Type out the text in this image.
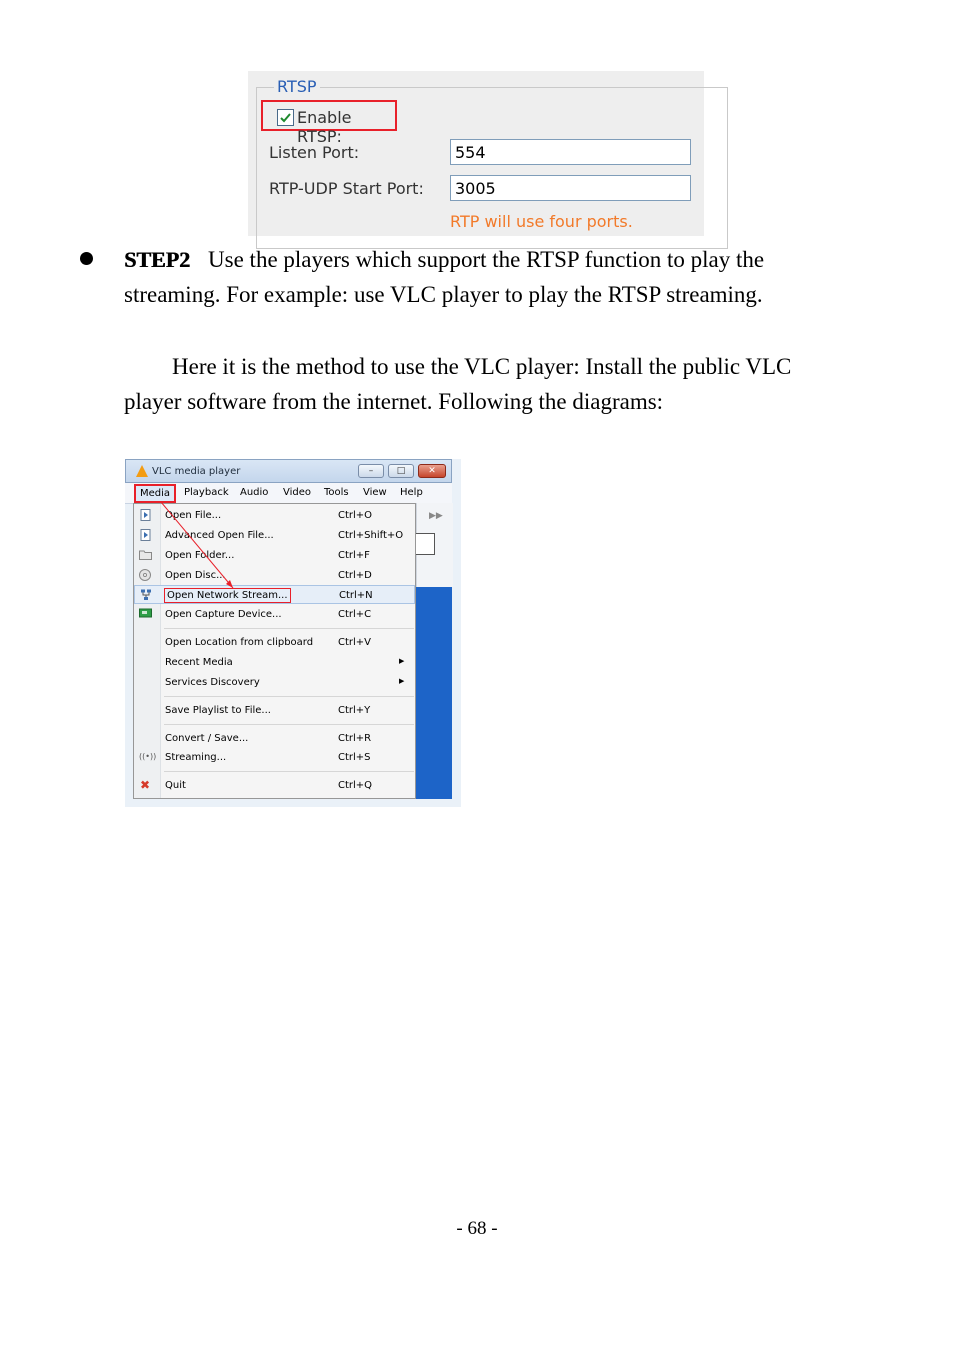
RTSP
Enable RTSP:
Listen Port:	554
RTP-UDP Start Port:	3005
RTP will use four ports.
STEP2 Use the players which support the RTSP function to play the streaming. For example: use VLC player to play the RTSP streaming.
Here it is the method to use the VLC player: Install the public VLC player software from the internet. Following the diagrams:
VLC media player	–	□	✕
Media	Playback Audio Video Tools View Help
▶▶
Open File...	Ctrl+O
Advanced Open File...	Ctrl+Shift+O
Open Folder...	Ctrl+F
Open Disc...	Ctrl+D
Open Network Stream...	Ctrl+N
Open Capture Device...	Ctrl+C
Open Location from clipboard Ctrl+V
Recent Media	▶
Services Discovery	▶
Save Playlist to File...	Ctrl+Y
Convert / Save...	Ctrl+R
((•)) Streaming...	Ctrl+S
✖ Quit	Ctrl+Q
- 68 -
